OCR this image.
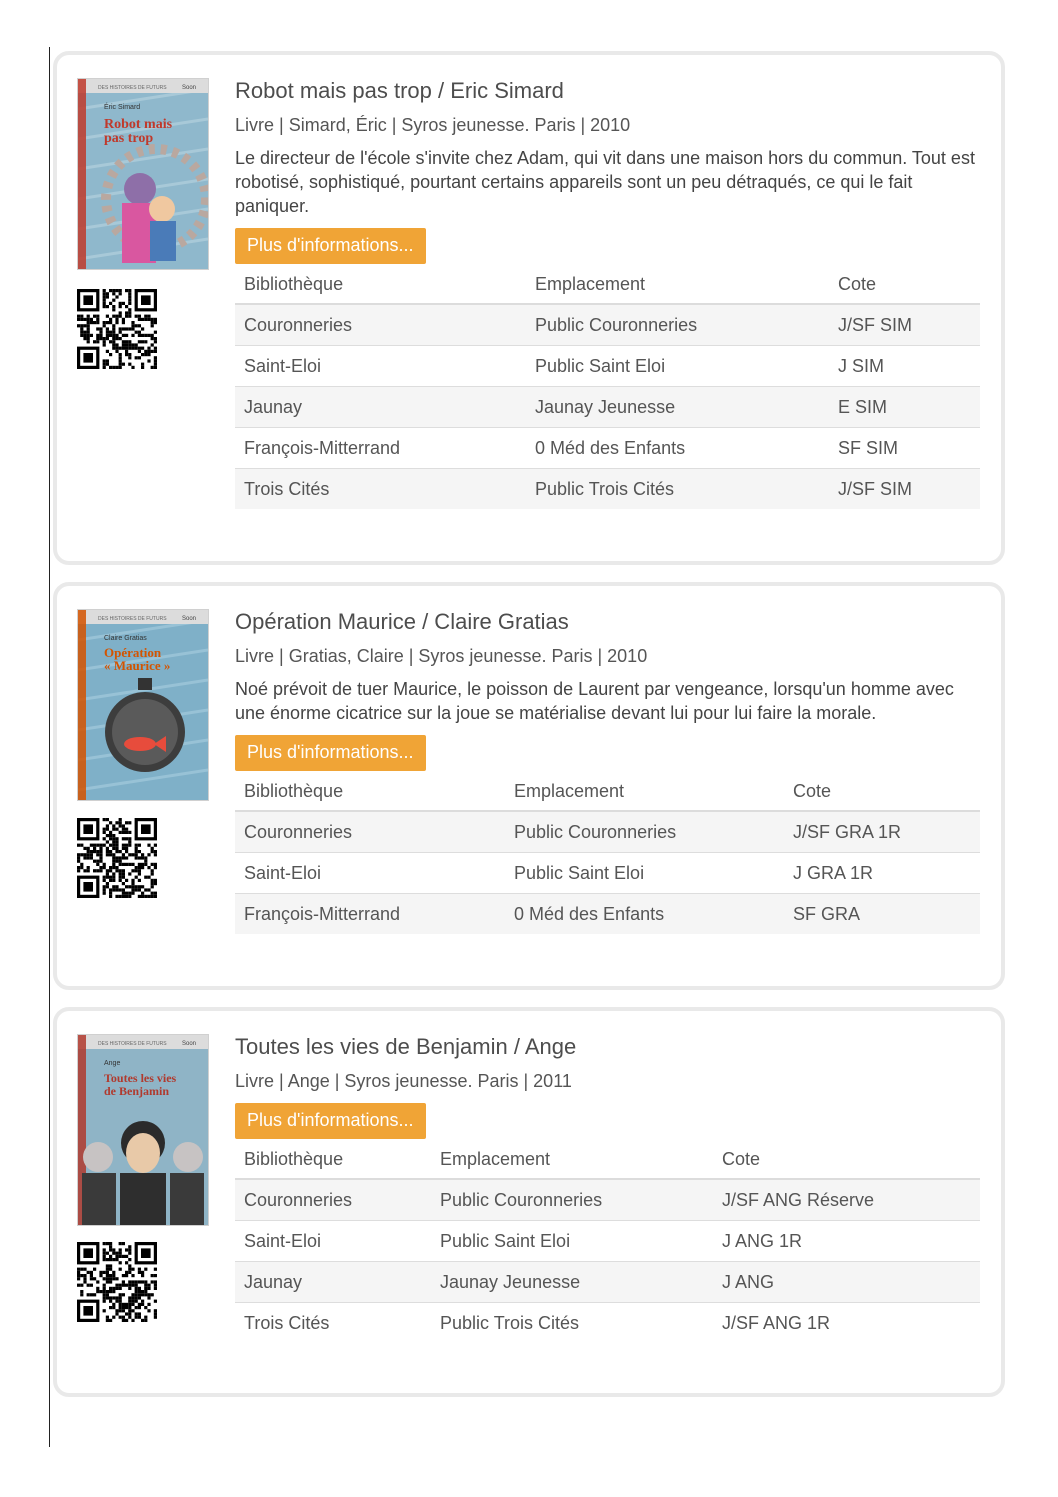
DES HISTOIRES DE FUTURS	Soon
Éric Simard
Robot mais
pas trop
Robot mais pas trop / Eric Simard
Livre | Simard, Éric | Syros jeunesse. Paris | 2010
Le directeur de l'école s'invite chez Adam, qui vit dans une maison hors du commun. Tout est robotisé, sophistiqué, pourtant certains appareils sont un peu détraqués, ce qui le fait paniquer.
Plus d'informations...
Bibliothèque	Emplacement	Cote
Couronneries	Public Couronneries	J/SF SIM
Saint-Eloi	Public Saint Eloi	J SIM
Jaunay	Jaunay Jeunesse	E SIM
François-Mitterrand	0 Méd des Enfants	SF SIM
Trois Cités	Public Trois Cités	J/SF SIM
DES HISTOIRES DE FUTURS	Soon
Claire Gratias
Opération
« Maurice »
Opération Maurice / Claire Gratias
Livre | Gratias, Claire | Syros jeunesse. Paris | 2010
Noé prévoit de tuer Maurice, le poisson de Laurent par vengeance, lorsqu'un homme avec une énorme cicatrice sur la joue se matérialise devant lui pour lui faire la morale.
Plus d'informations...
Bibliothèque	Emplacement	Cote
Couronneries	Public Couronneries	J/SF GRA 1R
Saint-Eloi	Public Saint Eloi	J GRA 1R
François-Mitterrand	0 Méd des Enfants	SF GRA
DES HISTOIRES DE FUTURS	Soon
Ange
Toutes les vies
de Benjamin
Toutes les vies de Benjamin / Ange
Livre | Ange | Syros jeunesse. Paris | 2011
Plus d'informations...
Bibliothèque	Emplacement	Cote
Couronneries	Public Couronneries	J/SF ANG Réserve
Saint-Eloi	Public Saint Eloi	J ANG 1R
Jaunay	Jaunay Jeunesse	J ANG
Trois Cités	Public Trois Cités	J/SF ANG 1R
